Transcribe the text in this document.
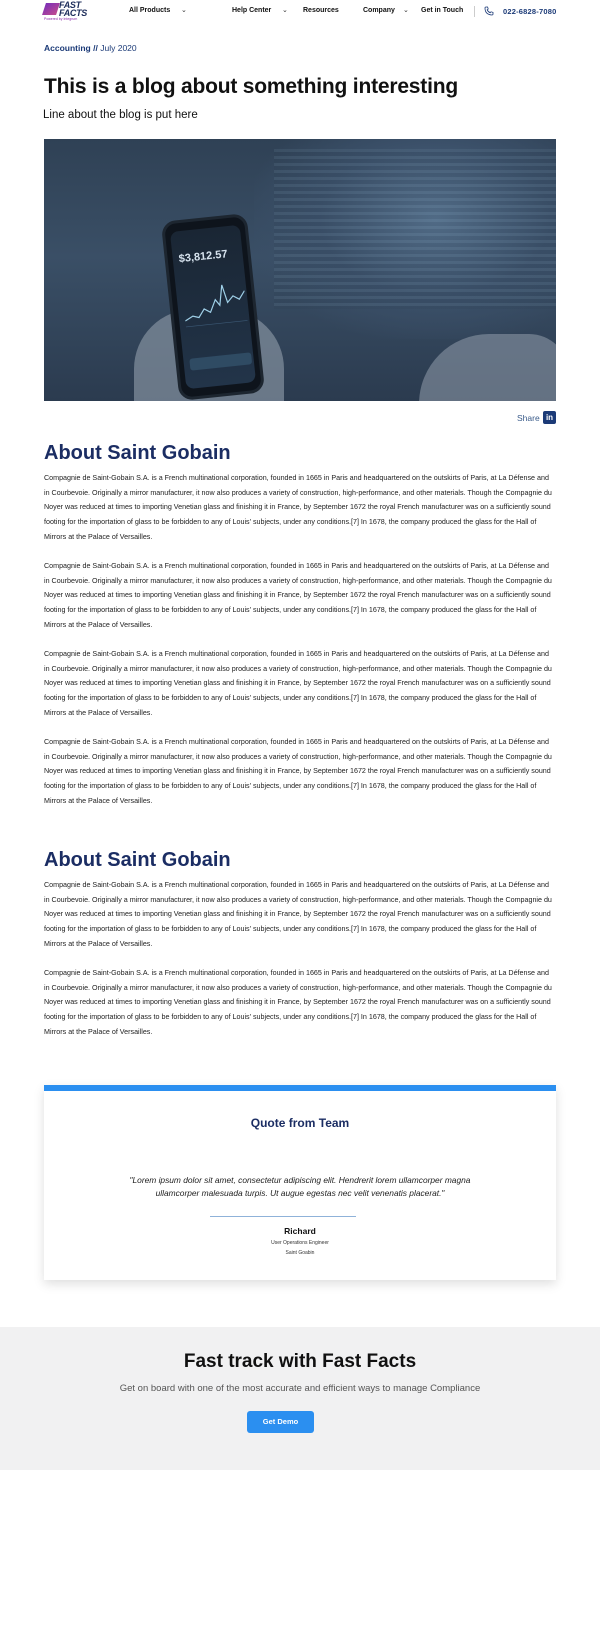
FAST
FACTS
Powered by Integrum
All Products ⌄	Help Center ⌄ Resources	Company ⌄ Get in Touch	022-6828-7080
Accounting // July 2020
This is a blog about something interesting
Line about the blog is put here
$3,812.57
Share in
About Saint Gobain

Compagnie de Saint-Gobain S.A. is a French multinational corporation, founded in 1665 in Paris and headquartered on the outskirts of Paris, at La Défense and in Courbevoie. Originally a mirror manufacturer, it now also produces a variety of construction, high-performance, and other materials. Though the Compagnie du Noyer was reduced at times to importing Venetian glass and finishing it in France, by September 1672 the royal French manufacturer was on a sufficiently sound footing for the importation of glass to be forbidden to any of Louis' subjects, under any conditions.[7] In 1678, the company produced the glass for the Hall of Mirrors at the Palace of Versailles.

Compagnie de Saint-Gobain S.A. is a French multinational corporation, founded in 1665 in Paris and headquartered on the outskirts of Paris, at La Défense and in Courbevoie. Originally a mirror manufacturer, it now also produces a variety of construction, high-performance, and other materials. Though the Compagnie du Noyer was reduced at times to importing Venetian glass and finishing it in France, by September 1672 the royal French manufacturer was on a sufficiently sound footing for the importation of glass to be forbidden to any of Louis' subjects, under any conditions.[7] In 1678, the company produced the glass for the Hall of Mirrors at the Palace of Versailles.

Compagnie de Saint-Gobain S.A. is a French multinational corporation, founded in 1665 in Paris and headquartered on the outskirts of Paris, at La Défense and in Courbevoie. Originally a mirror manufacturer, it now also produces a variety of construction, high-performance, and other materials. Though the Compagnie du Noyer was reduced at times to importing Venetian glass and finishing it in France, by September 1672 the royal French manufacturer was on a sufficiently sound footing for the importation of glass to be forbidden to any of Louis' subjects, under any conditions.[7] In 1678, the company produced the glass for the Hall of Mirrors at the Palace of Versailles.

Compagnie de Saint-Gobain S.A. is a French multinational corporation, founded in 1665 in Paris and headquartered on the outskirts of Paris, at La Défense and in Courbevoie. Originally a mirror manufacturer, it now also produces a variety of construction, high-performance, and other materials. Though the Compagnie du Noyer was reduced at times to importing Venetian glass and finishing it in France, by September 1672 the royal French manufacturer was on a sufficiently sound footing for the importation of glass to be forbidden to any of Louis' subjects, under any conditions.[7] In 1678, the company produced the glass for the Hall of Mirrors at the Palace of Versailles.

About Saint Gobain

Compagnie de Saint-Gobain S.A. is a French multinational corporation, founded in 1665 in Paris and headquartered on the outskirts of Paris, at La Défense and in Courbevoie. Originally a mirror manufacturer, it now also produces a variety of construction, high-performance, and other materials. Though the Compagnie du Noyer was reduced at times to importing Venetian glass and finishing it in France, by September 1672 the royal French manufacturer was on a sufficiently sound footing for the importation of glass to be forbidden to any of Louis' subjects, under any conditions.[7] In 1678, the company produced the glass for the Hall of Mirrors at the Palace of Versailles.

Compagnie de Saint-Gobain S.A. is a French multinational corporation, founded in 1665 in Paris and headquartered on the outskirts of Paris, at La Défense and in Courbevoie. Originally a mirror manufacturer, it now also produces a variety of construction, high-performance, and other materials. Though the Compagnie du Noyer was reduced at times to importing Venetian glass and finishing it in France, by September 1672 the royal French manufacturer was on a sufficiently sound footing for the importation of glass to be forbidden to any of Louis' subjects, under any conditions.[7] In 1678, the company produced the glass for the Hall of Mirrors at the Palace of Versailles.

Quote from Team
"Lorem ipsum dolor sit amet, consectetur adipiscing elit. Hendrerit lorem ullamcorper magna ullamcorper malesuada turpis. Ut augue egestas nec velit venenatis placerat."
Richard
User Operations Engineer
Saint Goabin
Fast track with Fast Facts
Get on board with one of the most accurate and efficient ways to manage Compliance
Get Demo
